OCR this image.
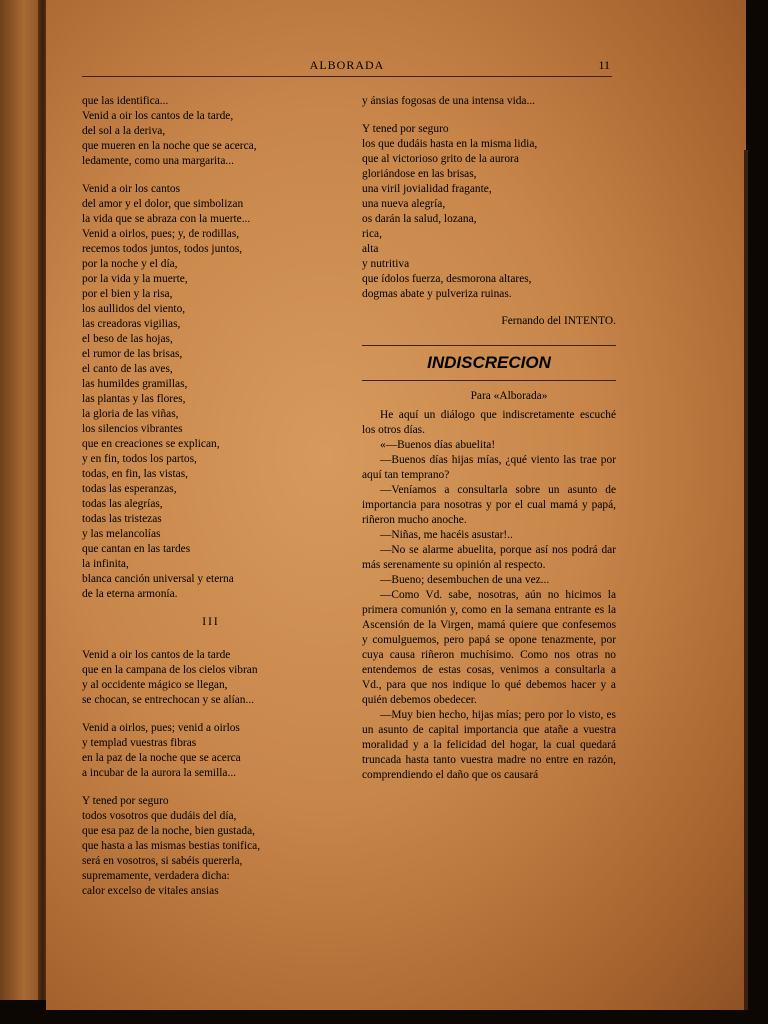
ALBORADA	11
que las identifica...
Venid a oir los cantos de la tarde,
del sol a la deriva,
que mueren en la noche que se acerca,
ledamente, como una margarita...
Venid a oir los cantos
del amor y el dolor, que simbolizan
la vida que se abraza con la muerte...
Venid a oirlos, pues; y, de rodillas,
recemos todos juntos, todos juntos,
por la noche y el día,
por la vida y la muerte,
por el bien y la risa,
los aullidos del viento,
las creadoras vigilias,
el beso de las hojas,
el rumor de las brisas,
el canto de las aves,
las humildes gramillas,
las plantas y las flores,
la gloria de las viñas,
los silencios vibrantes
que en creaciones se explican,
y en fin, todos los partos,
todas, en fin, las vistas,
todas las esperanzas,
todas las alegrías,
todas las tristezas
y las melancolías
que cantan en las tardes
la infinita,
blanca canción universal y eterna
de la eterna armonía.
III
Venid a oir los cantos de la tarde
que en la campana de los cielos vibran
y al occidente mágico se llegan,
se chocan, se entrechocan y se alían...
Venid a oirlos, pues; venid a oirlos
y templad vuestras fibras
en la paz de la noche que se acerca
a incubar de la aurora la semilla...
Y tened por seguro
todos vosotros que dudáis del día,
que esa paz de la noche, bien gustada,
que hasta a las mismas bestias tonifica,
será en vosotros, si sabéis quererla,
supremamente, verdadera dicha:
calor excelso de vitales ansias
y ánsias fogosas de una intensa vida...
Y tened por seguro
los que dudáis hasta en la misma lidia,
que al victorioso grito de la aurora
gloriándose en las brisas,
una viril jovialidad fragante,
una nueva alegría,
os darán la salud, lozana,
rica,
alta
y nutritiva
que ídolos fuerza, desmorona altares,
dogmas abate y pulveriza ruinas.
Fernando del INTENTO.
INDISCRECION
Para «Alborada»

He aquí un diálogo que indiscretamente escuché los otros días.

«—Buenos días abuelita!

—Buenos días hijas mías, ¿qué viento las trae por aquí tan temprano?

—Veníamos a consultarla sobre un asunto de importancia para nosotras y por el cual mamá y papá, riñeron mucho anoche.

—Niñas, me hacéis asustar!..

—No se alarme abuelita, porque así nos podrá dar más serenamente su opinión al respecto.

—Bueno; desembuchen de una vez...

—Como Vd. sabe, nosotras, aún no hicimos la primera comunión y, como en la semana entrante es la Ascensión de la Virgen, mamá quiere que confesemos y comulguemos, pero papá se opone tenazmente, por cuya causa riñeron muchísimo. Como nos otras no entendemos de estas cosas, venimos a consultarla a Vd., para que nos indique lo qué debemos hacer y a quién debemos obedecer.

—Muy bien hecho, hijas mías; pero por lo visto, es un asunto de capital importancia que atañe a vuestra moralidad y a la felicidad del hogar, la cual quedará truncada hasta tanto vuestra madre no entre en razón, comprendiendo el daño que os causará
